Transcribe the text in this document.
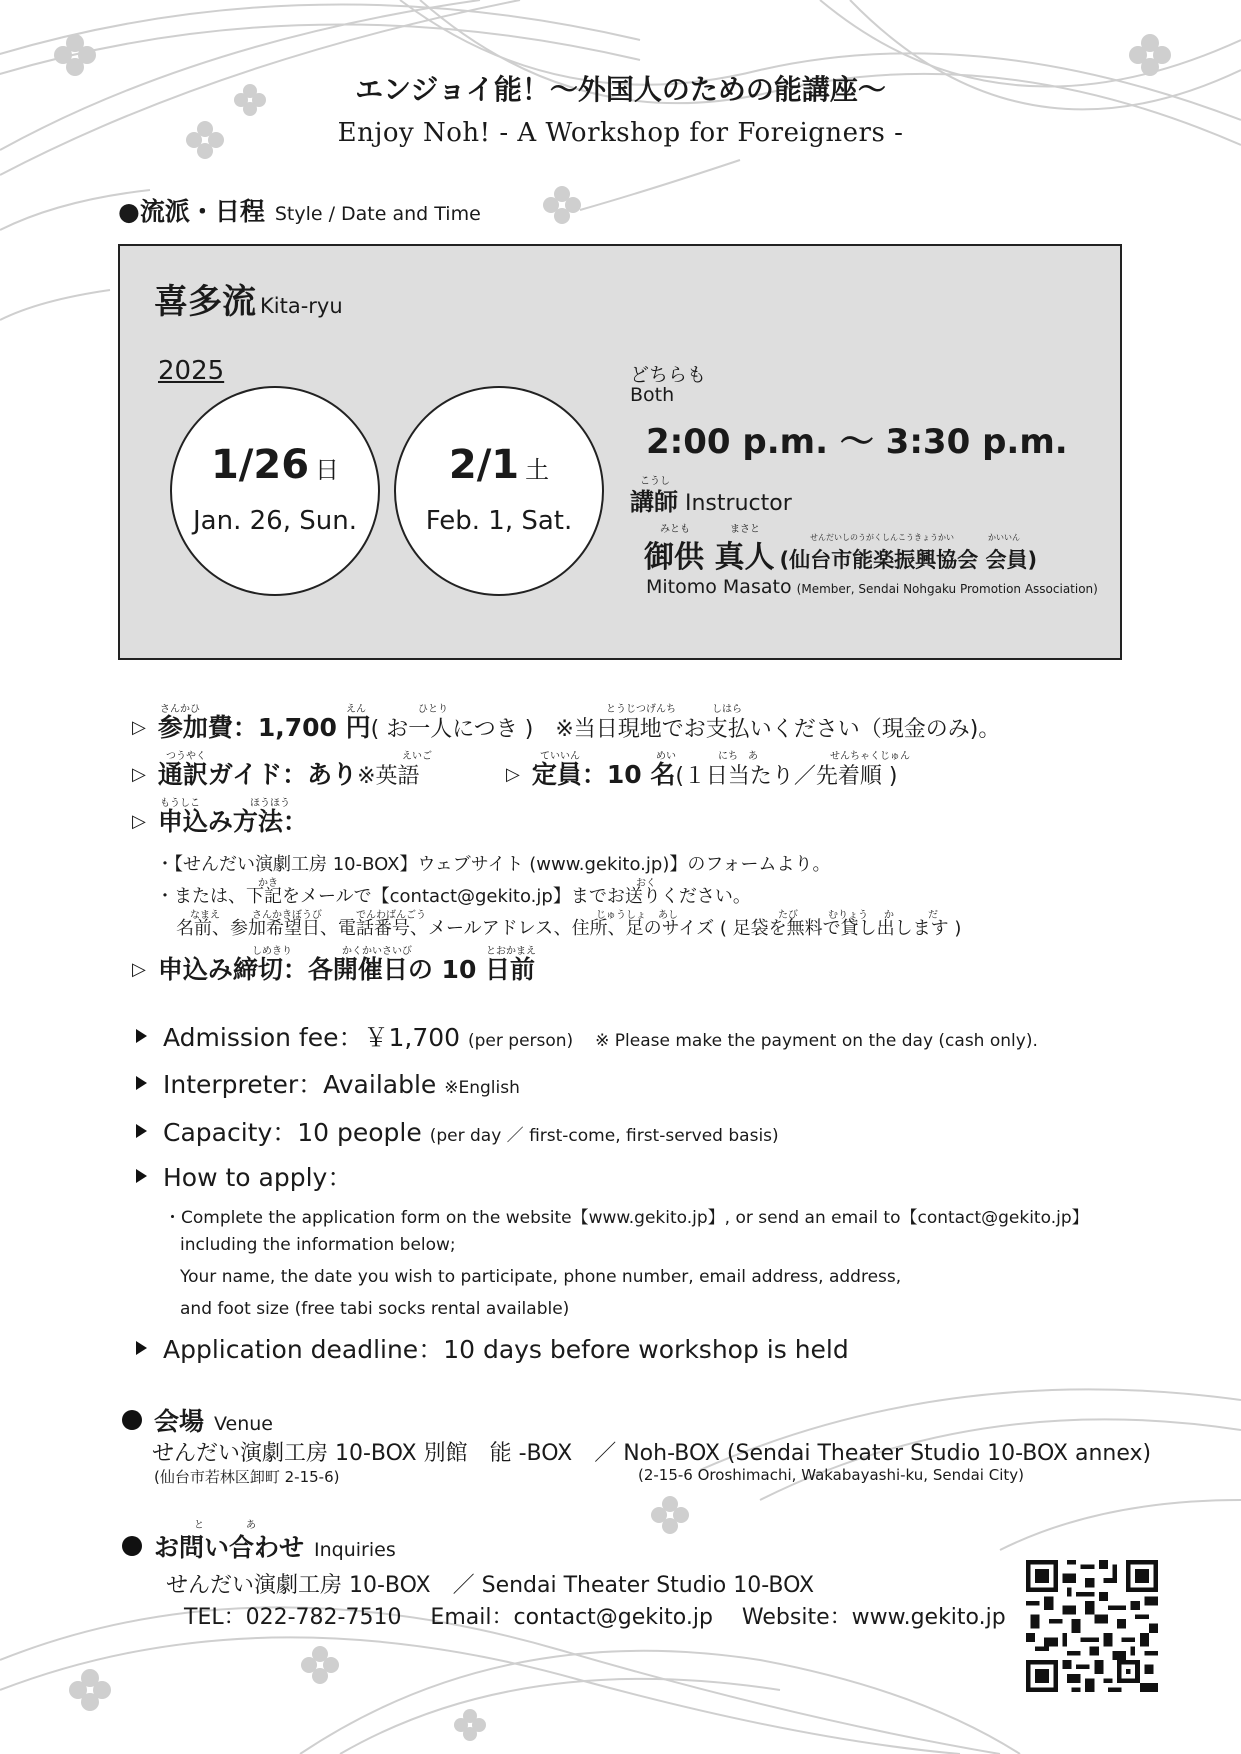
エンジョイ能！～外国人のための能講座～
Enjoy Noh! - A Workshop for Foreigners -
●流派・日程 Style / Date and Time
喜多流 Kita-ryu
2025
1/26 日
Jan. 26, Sun.
2/1 土
Feb. 1, Sat.
どちらも
Both
2:00 p.m. ～ 3:30 p.m.
こうし
講師 Instructor
みとも	まさと
せんだいしのうがくしんこうきょうかい	かいいん
御供 真人 (仙台市能楽振興協会 会員)
Mitomo Masato (Member, Sendai Nohgaku Promotion Association)
さんかひ	えん	ひとり	とうじつげんち	しはら
▷ 参加費：1,700 円( お一人につき )　※当日現地でお支払いください（現金のみ)。
つうやく	えいご	ていいん	めい	にち　あ	せんちゃくじゅん
▷ 通訳ガイド：あり※英語	▷ 定員：10 名(１日当たり／先着順 )
もうしこ	ほうほう
▷ 申込み方法：
・【せんだい演劇工房 10-BOX】ウェブサイト (www.gekito.jp)】のフォームより。
かき	おく
・または、下記をメールで【contact@gekito.jp】までお送りください。
なまえ	さんかきぼうび	でんわばんごう	じゅうしょ あし	たび	むりょう か	だ
名前、参加希望日、電話番号、メールアドレス、住所、足のサイズ ( 足袋を無料で貸し出します )
しめきり	かくかいさいび	とおかまえ
▷ 申込み締切：各開催日の 10 日前
Admission fee：￥1,700 (per person) ※ Please make the payment on the day (cash only).
Interpreter：Available ※English
Capacity：10 people (per day ／ first-come, first-served basis)
How to apply：
・Complete the application form on the website【www.gekito.jp】, or send an email to【contact@gekito.jp】
including the information below;
Your name, the date you wish to participate, phone number, email address, address,
and foot size (free tabi socks rental available)
Application deadline：10 days before workshop is held
会場 Venue
せんだい演劇工房 10-BOX 別館　能 -BOX　／ Noh-BOX (Sendai Theater Studio 10-BOX annex)
(仙台市若林区卸町 2-15-6)	(2-15-6 Oroshimachi, Wakabayashi-ku, Sendai City)
と	あ
お問い合わせ Inquiries
せんだい演劇工房 10-BOX　／ Sendai Theater Studio 10-BOX
TEL：022-782-7510　 Email：contact@gekito.jp　 Website：www.gekito.jp
